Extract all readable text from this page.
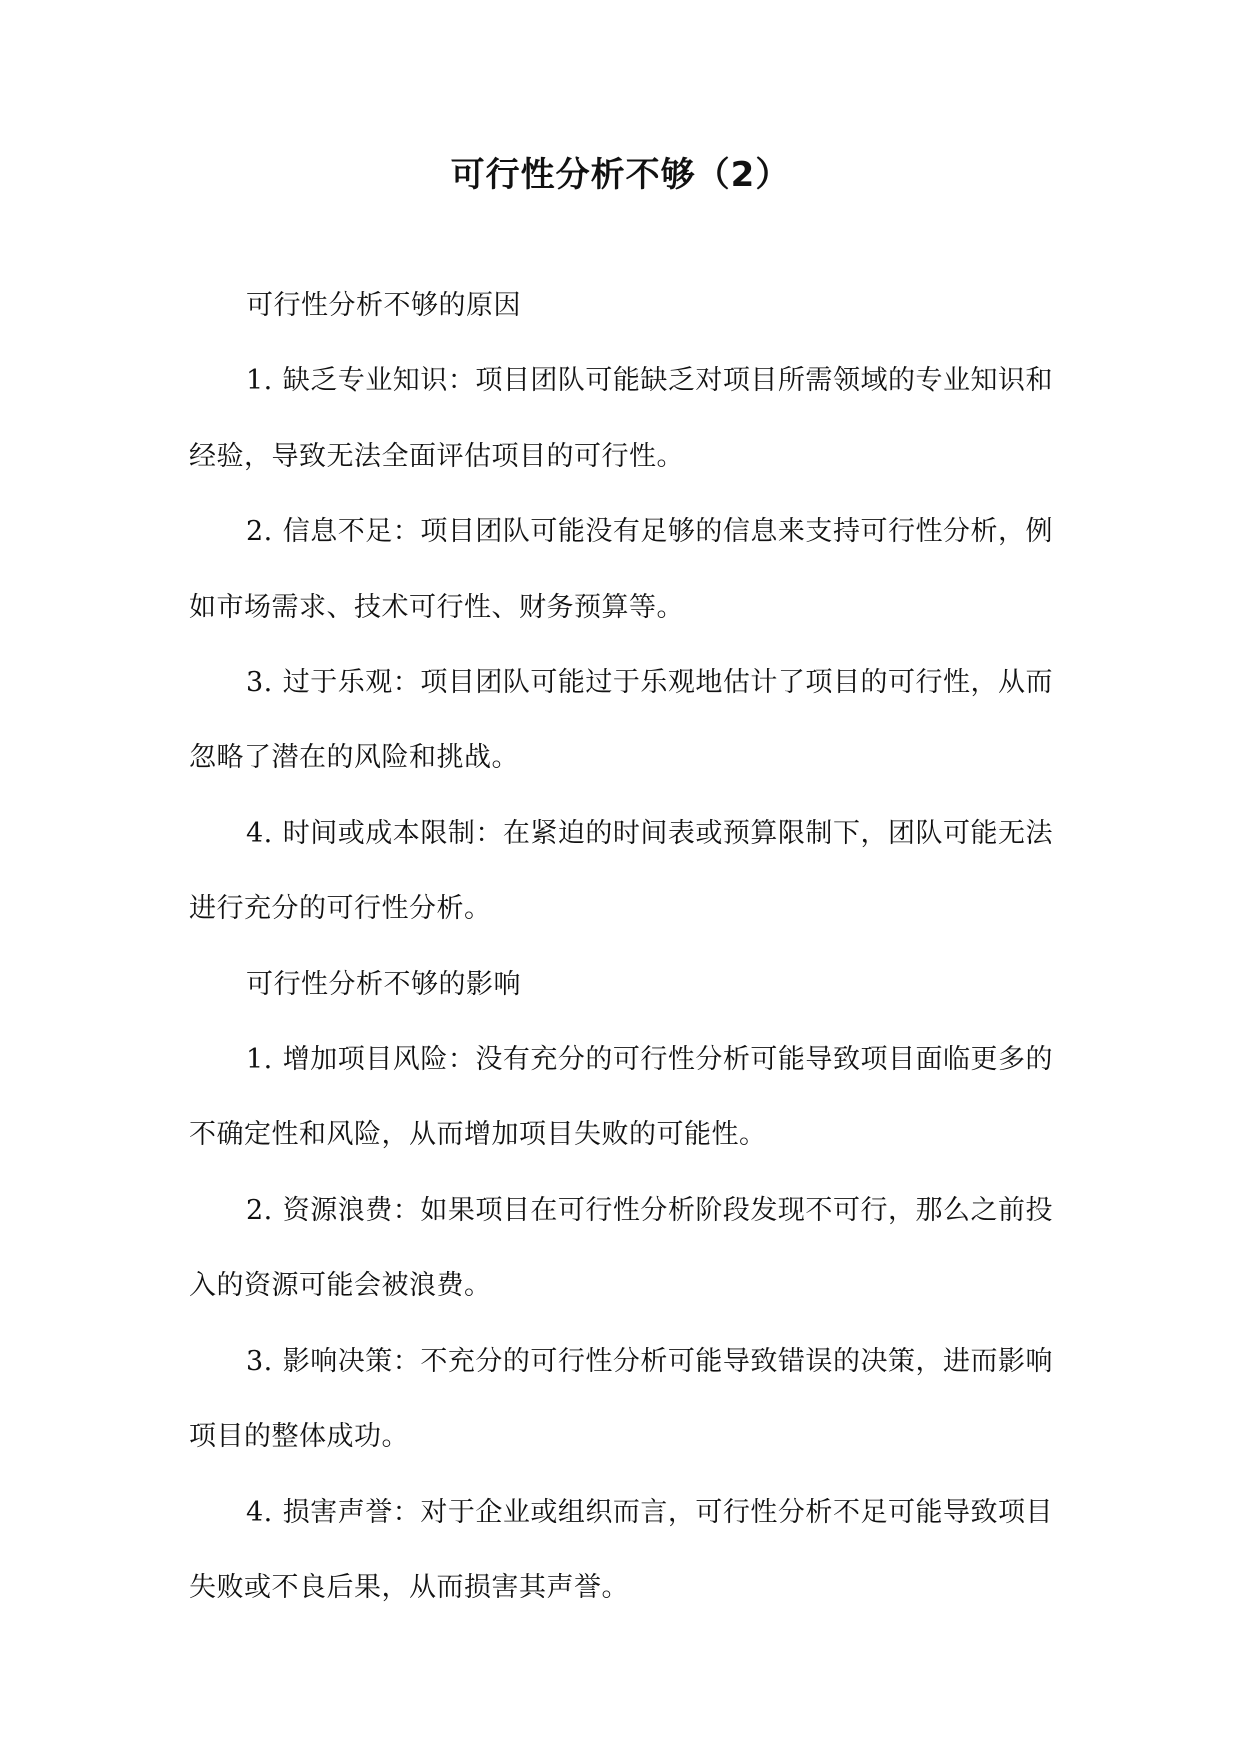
可行性分析不够（2）

可行性分析不够的原因

1. 缺乏专业知识：项目团队可能缺乏对项目所需领域的专业知识和经验，导致无法全面评估项目的可行性。

2. 信息不足：项目团队可能没有足够的信息来支持可行性分析，例如市场需求、技术可行性、财务预算等。

3. 过于乐观：项目团队可能过于乐观地估计了项目的可行性，从而忽略了潜在的风险和挑战。

4. 时间或成本限制：在紧迫的时间表或预算限制下，团队可能无法进行充分的可行性分析。

可行性分析不够的影响

1. 增加项目风险：没有充分的可行性分析可能导致项目面临更多的不确定性和风险，从而增加项目失败的可能性。

2. 资源浪费：如果项目在可行性分析阶段发现不可行，那么之前投入的资源可能会被浪费。

3. 影响决策：不充分的可行性分析可能导致错误的决策，进而影响项目的整体成功。

4. 损害声誉：对于企业或组织而言，可行性分析不足可能导致项目失败或不良后果，从而损害其声誉。
